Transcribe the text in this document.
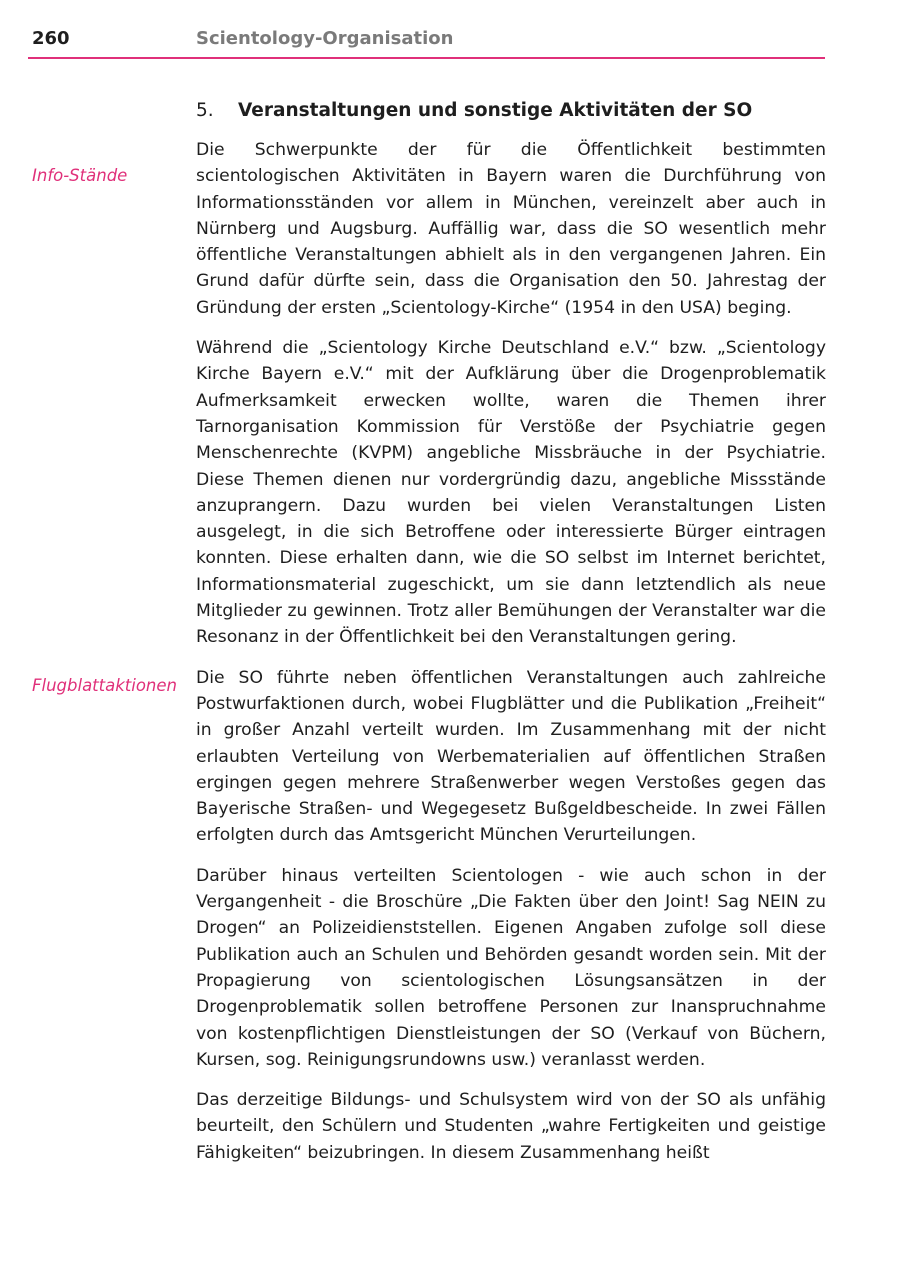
260	Scientology-Organisation
5. Veranstaltungen und sonstige Aktivitäten der SO
Info-Stände
Flugblattaktionen

Die Schwerpunkte der für die Öffentlichkeit bestimmten scientologischen Aktivitäten in Bayern waren die Durchführung von Informationsständen vor allem in München, vereinzelt aber auch in Nürnberg und Augsburg. Auffällig war, dass die SO wesentlich mehr öffentliche Veranstaltungen abhielt als in den vergangenen Jahren. Ein Grund dafür dürfte sein, dass die Organisation den 50. Jahrestag der Gründung der ersten „Scientology-Kirche“ (1954 in den USA) beging.

Während die „Scientology Kirche Deutschland e.V.“ bzw. „Scientology Kirche Bayern e.V.“ mit der Aufklärung über die Drogenproblematik Aufmerksamkeit erwecken wollte, waren die Themen ihrer Tarnorganisation Kommission für Verstöße der Psychiatrie gegen Menschenrechte (KVPM) angebliche Missbräuche in der Psychiatrie. Diese Themen dienen nur vordergründig dazu, angebliche Missstände anzuprangern. Dazu wurden bei vielen Veranstaltungen Listen ausgelegt, in die sich Betroffene oder interessierte Bürger eintragen konnten. Diese erhalten dann, wie die SO selbst im Internet berichtet, Informationsmaterial zugeschickt, um sie dann letztendlich als neue Mitglieder zu gewinnen. Trotz aller Bemühungen der Veranstalter war die Resonanz in der Öffentlichkeit bei den Veranstaltungen gering.

Die SO führte neben öffentlichen Veranstaltungen auch zahlreiche Postwurfaktionen durch, wobei Flugblätter und die Publikation „Freiheit“ in großer Anzahl verteilt wurden. Im Zusammenhang mit der nicht erlaubten Verteilung von Werbematerialien auf öffentlichen Straßen ergingen gegen mehrere Straßenwerber wegen Verstoßes gegen das Bayerische Straßen- und Wegegesetz Bußgeldbescheide. In zwei Fällen erfolgten durch das Amtsgericht München Verurteilungen.

Darüber hinaus verteilten Scientologen - wie auch schon in der Vergangenheit - die Broschüre „Die Fakten über den Joint! Sag NEIN zu Drogen“ an Polizeidienststellen. Eigenen Angaben zufolge soll diese Publikation auch an Schulen und Behörden gesandt worden sein. Mit der Propagierung von scientologischen Lösungsansätzen in der Drogenproblematik sollen betroffene Personen zur Inanspruchnahme von kostenpflichtigen Dienstleistungen der SO (Verkauf von Büchern, Kursen, sog. Reinigungsrundowns usw.) veranlasst werden.

Das derzeitige Bildungs- und Schulsystem wird von der SO als unfähig beurteilt, den Schülern und Studenten „wahre Fertigkeiten und geistige Fähigkeiten“ beizubringen. In diesem Zusammenhang heißt
